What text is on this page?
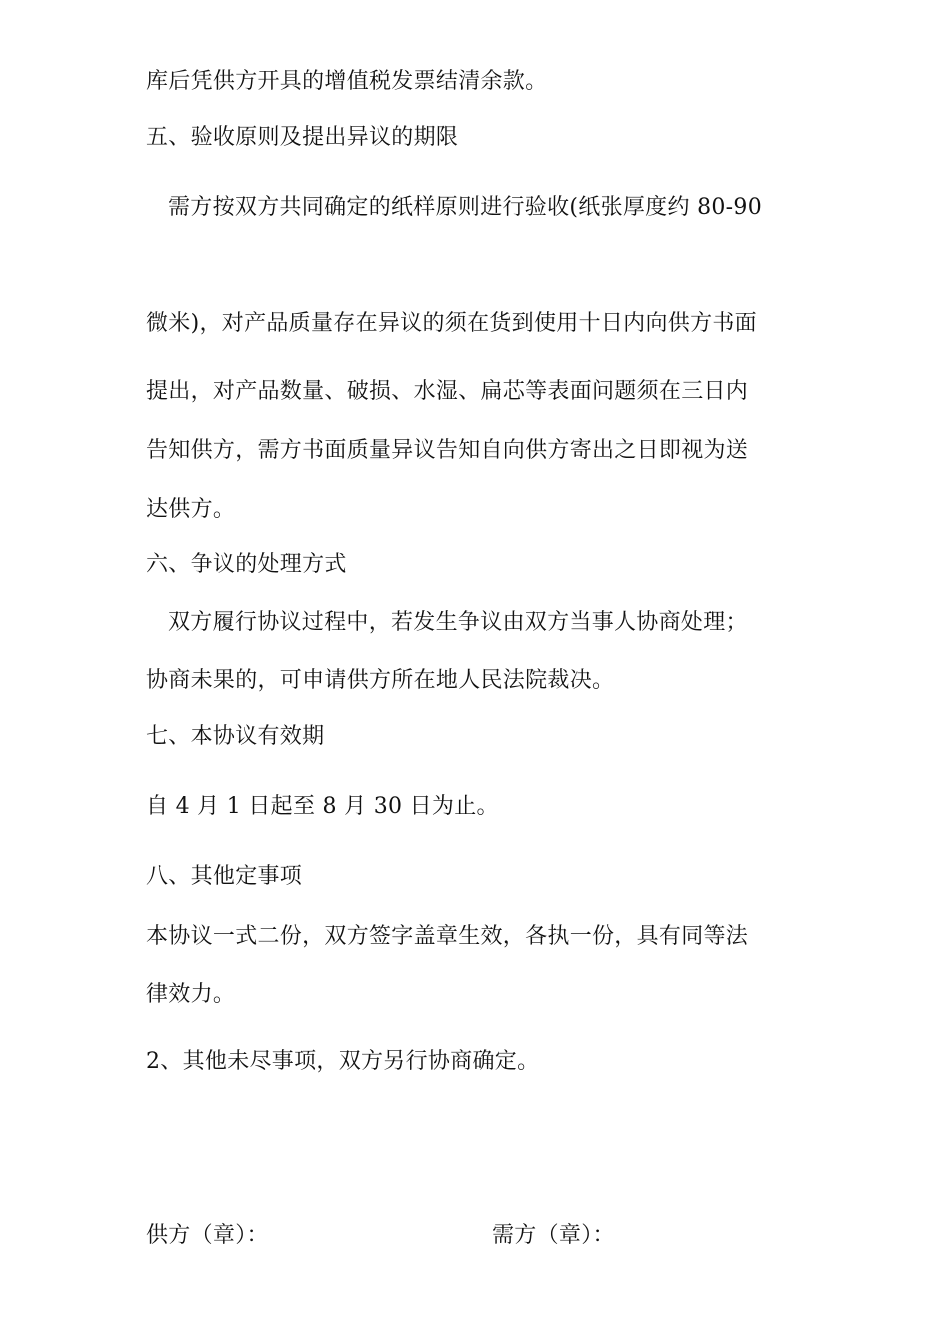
库后凭供方开具的增值税发票结清余款。
五、验收原则及提出异议的期限
需方按双方共同确定的纸样原则进行验收(纸张厚度约 80-90
微米)，对产品质量存在异议的须在货到使用十日内向供方书面
提出，对产品数量、破损、水湿、扁芯等表面问题须在三日内
告知供方，需方书面质量异议告知自向供方寄出之日即视为送
达供方。
六、争议的处理方式
双方履行协议过程中，若发生争议由双方当事人协商处理；
协商未果的，可申请供方所在地人民法院裁决。
七、本协议有效期
自 4 月 1 日起至 8 月 30 日为止。
八、其他定事项
本协议一式二份，双方签字盖章生效，各执一份，具有同等法
律效力。
2、其他未尽事项，双方另行协商确定。
供方（章）：	需方（章）：
